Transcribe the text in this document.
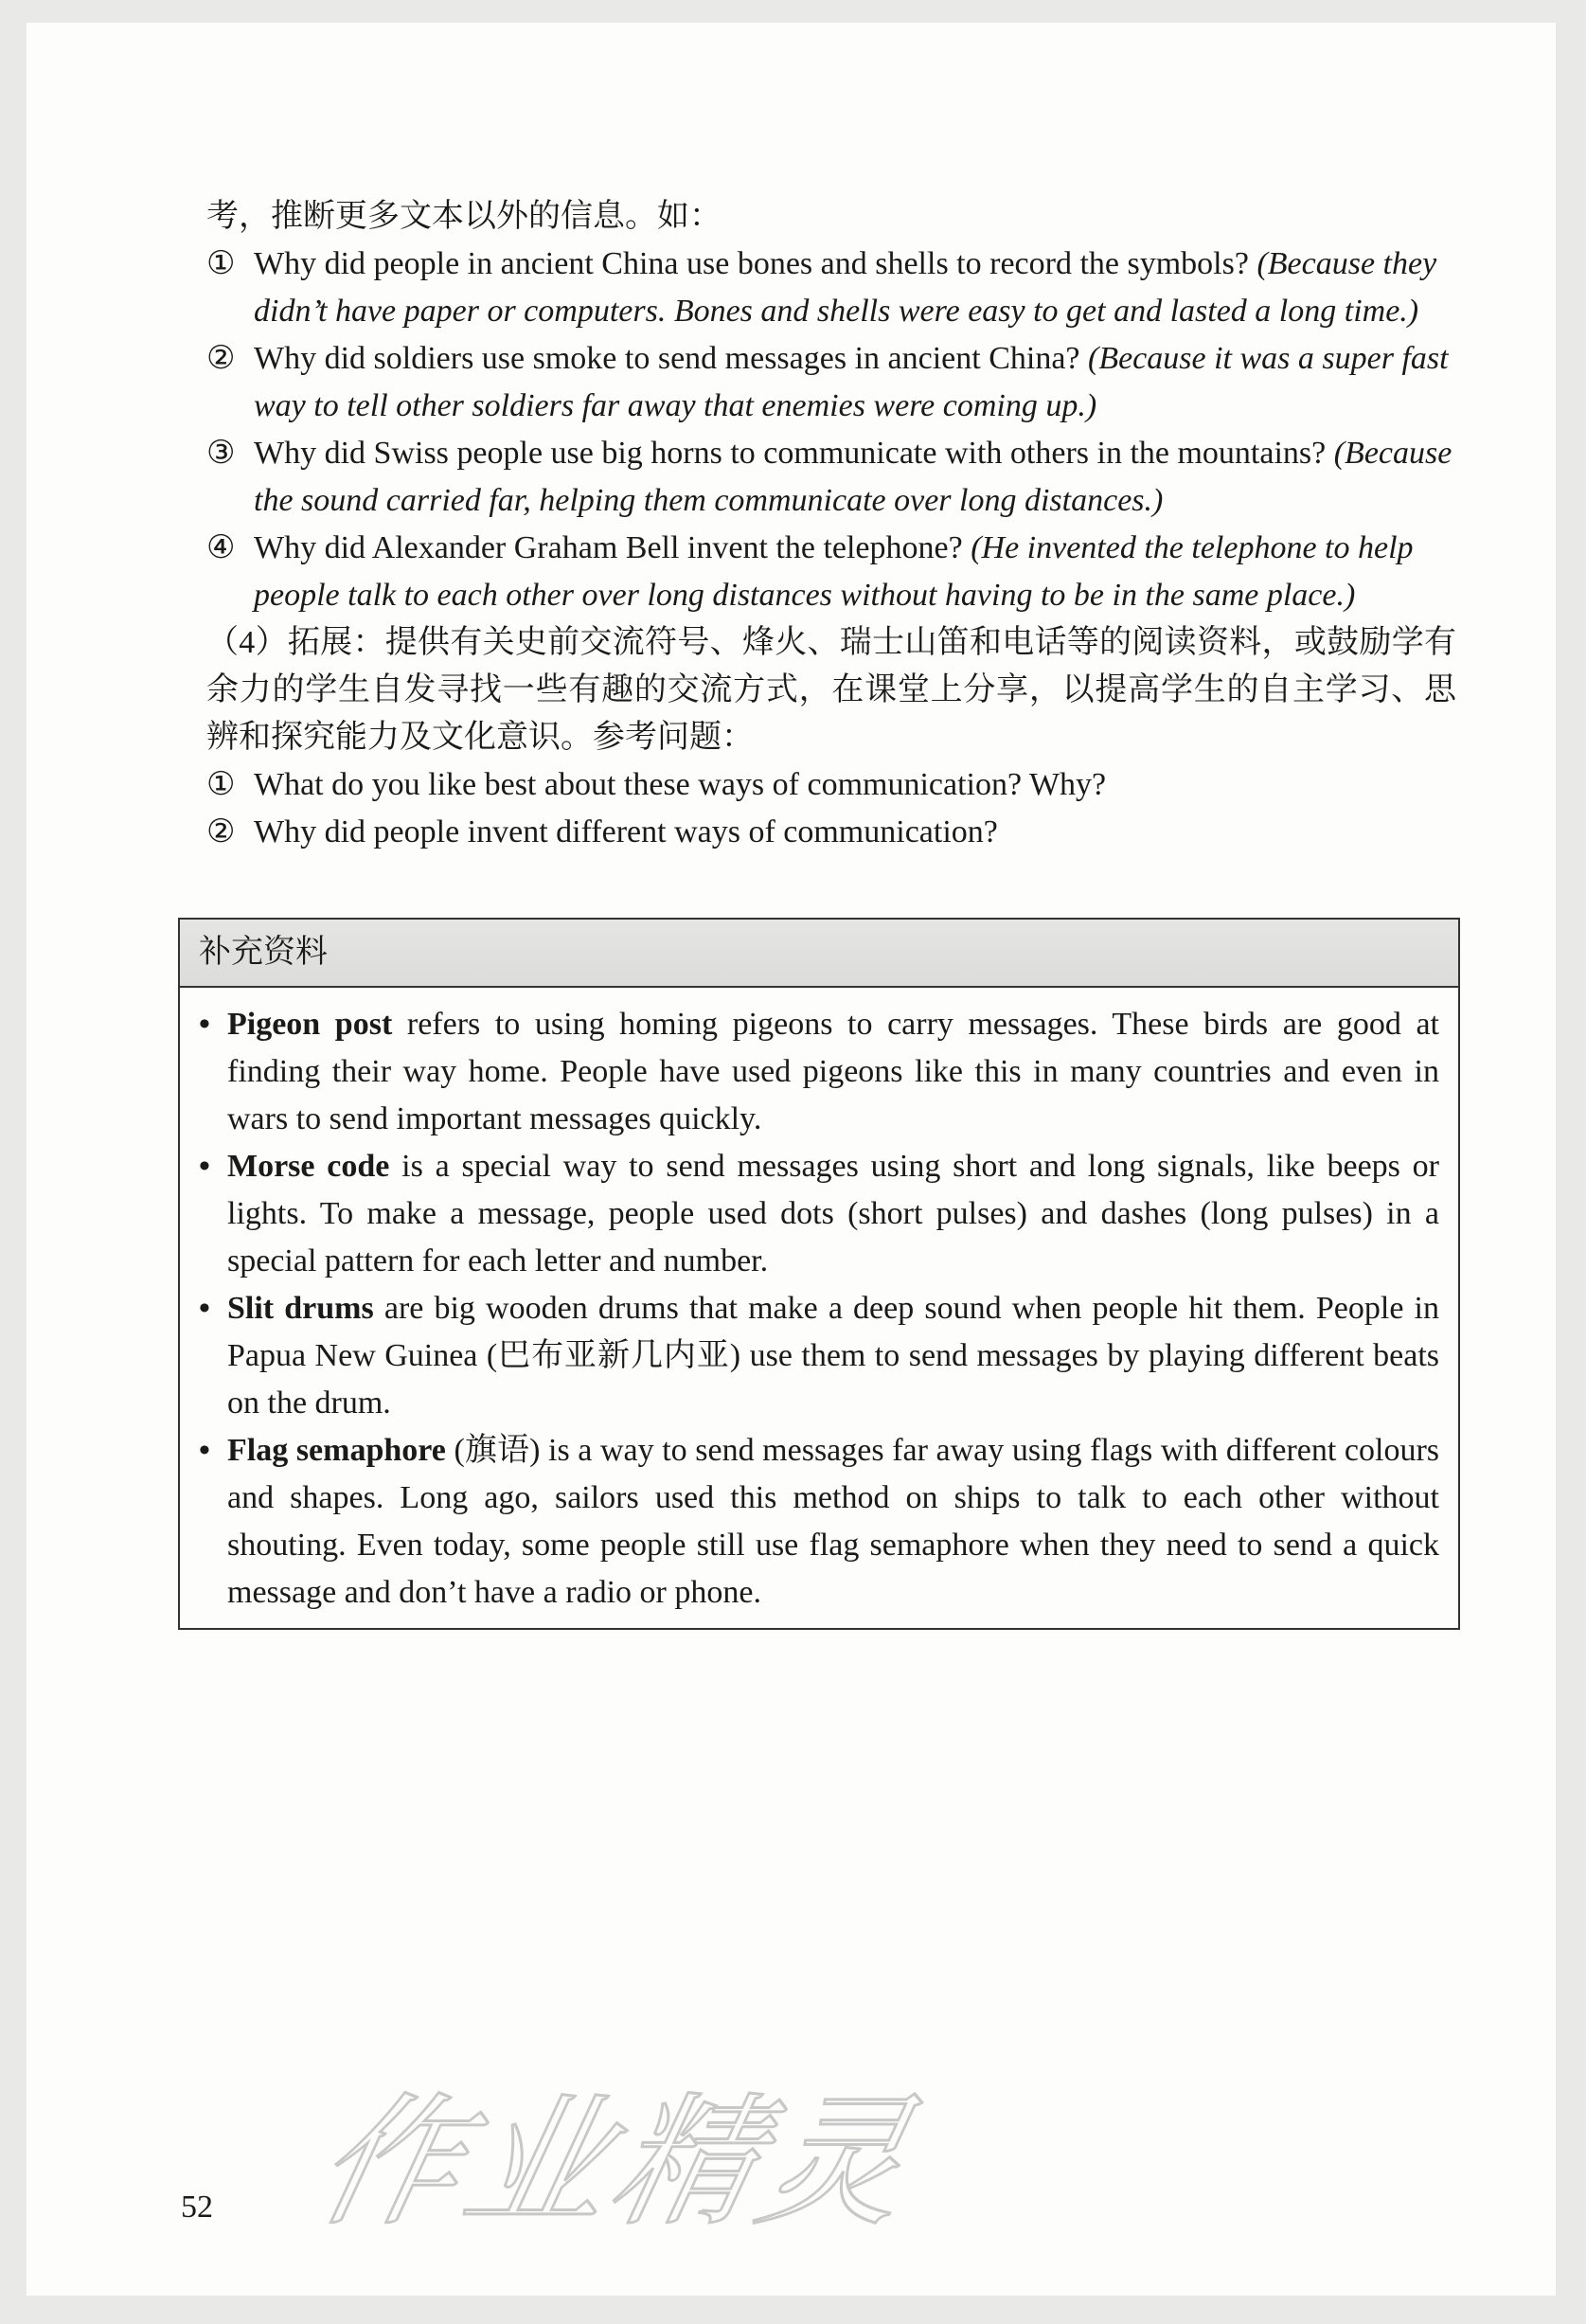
考，推断更多文本以外的信息。如：

① Why did people in ancient China use bones and shells to record the symbols? (Because they didn’t have paper or computers. Bones and shells were easy to get and lasted a long time.)

② Why did soldiers use smoke to send messages in ancient China? (Because it was a super fast way to tell other soldiers far away that enemies were coming up.)

③ Why did Swiss people use big horns to communicate with others in the mountains? (Because the sound carried far, helping them communicate over long distances.)

④ Why did Alexander Graham Bell invent the telephone? (He invented the telephone to help people talk to each other over long distances without having to be in the same place.)

（4）拓展：提供有关史前交流符号、烽火、瑞士山笛和电话等的阅读资料，或鼓励学有余力的学生自发寻找一些有趣的交流方式，在课堂上分享，以提高学生的自主学习、思辨和探究能力及文化意识。参考问题：

① What do you like best about these ways of communication? Why?

② Why did people invent different ways of communication?

补充资料

• Pigeon post refers to using homing pigeons to carry messages. These birds are good at finding their way home. People have used pigeons like this in many countries and even in wars to send important messages quickly.

• Morse code is a special way to send messages using short and long signals, like beeps or lights. To make a message, people used dots (short pulses) and dashes (long pulses) in a special pattern for each letter and number.

• Slit drums are big wooden drums that make a deep sound when people hit them. People in Papua New Guinea (巴布亚新几内亚) use them to send messages by playing different beats on the drum.

• Flag semaphore (旗语) is a way to send messages far away using flags with different colours and shapes. Long ago, sailors used this method on ships to talk to each other without shouting. Even today, some people still use flag semaphore when they need to send a quick message and don’t have a radio or phone.

作业精灵
52
